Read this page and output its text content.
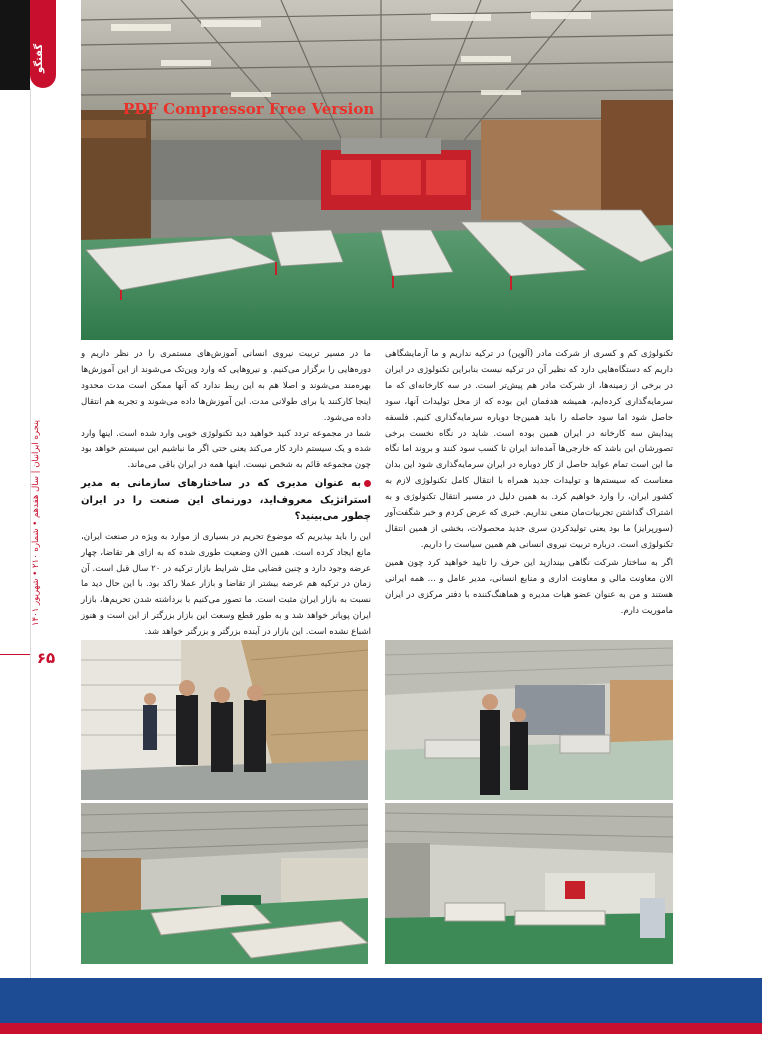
گفتگو
پنجره ایرانیان | سال هفدهم • شماره ۲۱۰ • شهریور ۱۴۰۱
۶۵
PDF Compressor Free Version

تکنولوژی کم و کسری از شرکت مادر (آلوپن) در ترکیه نداریم و ما آزمایشگاهی داریم که دستگاه‌هایی دارد که نظیر آن در ترکیه نیست بنابراین تکنولوژی در ایران در برخی از زمینه‌ها، از شرکت مادر هم پیش‌تر است. در سه کارخانه‌ای که ما سرمایه‌گذاری کرده‌ایم، همیشه هدفمان این بوده که از محل تولیدات آنها، سود حاصل شود اما سود حاصله را باید همین‌جا دوباره سرمایه‌گذاری کنیم. فلسفه پیدایش سه کارخانه در ایران همین بوده است. شاید در نگاه نخست برخی تصورشان این باشد که خارجی‌ها آمده‌اند ایران تا کسب سود کنند و بروند اما نگاه ما این است تمام عواید حاصل از کار دوباره در ایران سرمایه‌گذاری شود این بدان معناست که سیستم‌ها و تولیدات جدید همراه با انتقال کامل تکنولوژی لازم به کشور ایران، را وارد خواهیم کرد. به همین دلیل در مسیر انتقال تکنولوژی و به اشتراک گذاشتن تجربیات‌مان منعی نداریم. خبری که عرض کردم و خبر شگفت‌آور (سورپرایز) ما بود یعنی تولیدکردن سری جدید محصولات، بخشی از همین انتقال تکنولوژی است. درباره تربیت نیروی انسانی هم همین سیاست را داریم.

اگر به ساختار شرکت نگاهی بیندازید این حرف را تایید خواهید کرد چون همین الان معاونت مالی و معاونت اداری و منابع انسانی، مدیر عامل و ... همه ایرانی هستند و من به عنوان عضو هیات مدیره و هماهنگ‌کننده با دفتر مرکزی در ایران ماموریت دارم.

ما در مسیر تربیت نیروی انسانی آموزش‌های مستمری را در نظر داریم و دوره‌هایی را برگزار می‌کنیم. و نیروهایی که وارد وین‌تک می‌شوند از این آموزش‌ها بهره‌مند می‌شوند و اصلا هم به این ربط ندارد که آنها ممکن است مدت محدود اینجا کارکنند یا برای طولانی مدت. این آموزش‌ها داده می‌شوند و تجربه هم انتقال داده می‌شود.

شما در مجموعه تردد کنید خواهید دید تکنولوژی خوبی وارد شده است. اینها وارد شده و یک سیستم دارد کار می‌کند یعنی حتی اگر ما نباشیم این سیستم خواهد بود چون مجموعه قائم به شخص نیست. اینها همه در ایران باقی می‌ماند.

به عنوان مدیری که در ساختارهای سازمانی به مدیر استراتژیک معروف‌اید، دورنمای این صنعت را در ایران چطور می‌بینید؟

این را باید بپذیریم که موضوع تحریم در بسیاری از موارد به ویژه در صنعت ایران، مانع ایجاد کرده است. همین الان وضعیت طوری شده که به ازای هر تقاضا، چهار عرضه وجود دارد و چنین فضایی مثل شرایط بازار ترکیه در ۲۰ سال قبل است. آن زمان در ترکیه هم عرضه بیشتر از تقاضا و بازار عملا راکد بود. با این حال دید ما نسبت به بازار ایران مثبت است. ما تصور می‌کنیم با برداشته شدن تحریم‌ها، بازار ایران پویاتر خواهد شد و به طور قطع وسعت این بازار بزرگتر از این است و هنوز اشباع نشده است. این بازار در آینده بزرگتر و بزرگتر خواهد شد.
